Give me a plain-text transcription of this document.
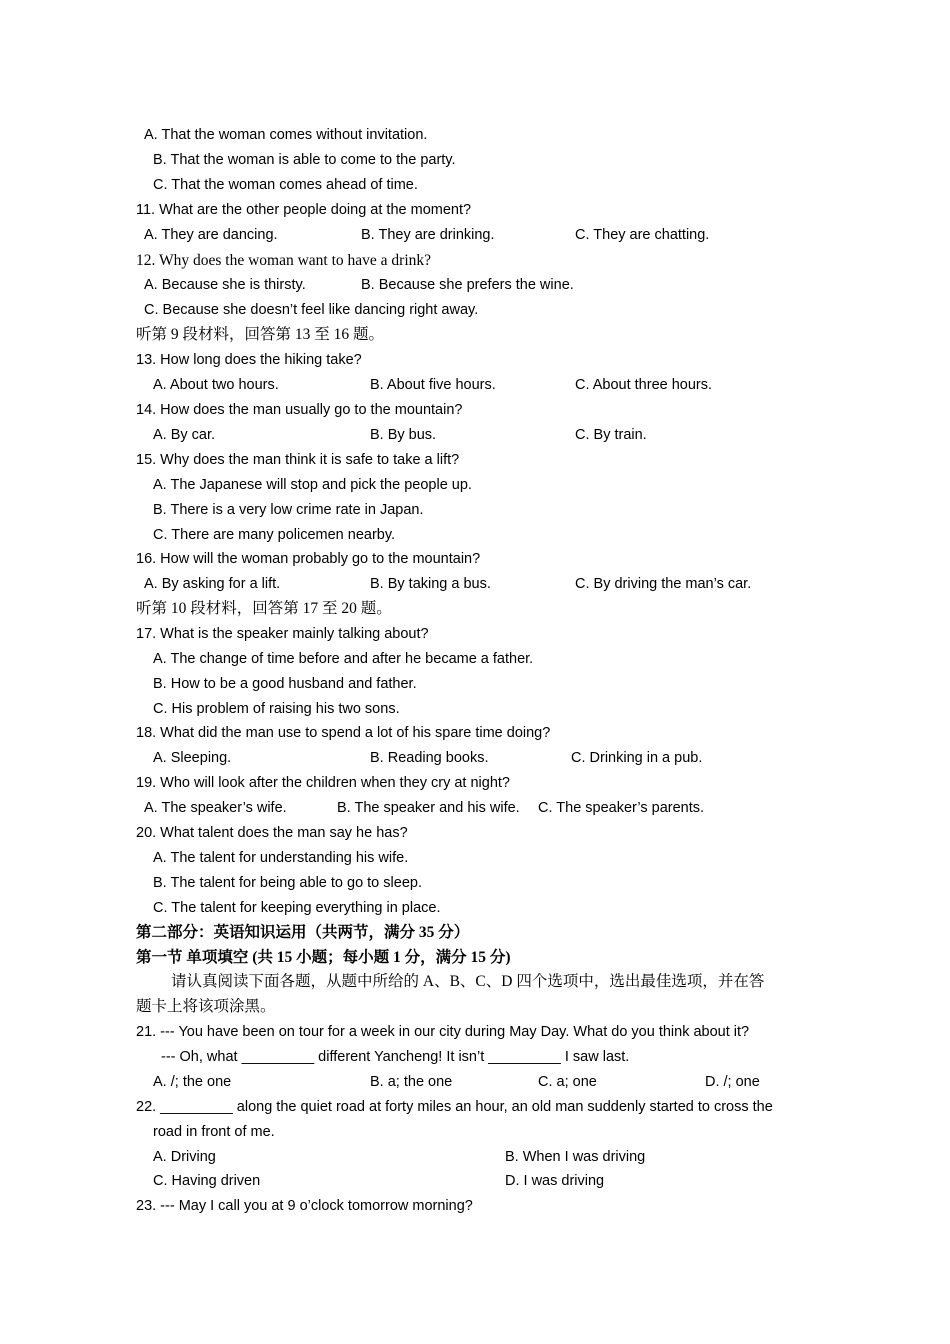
A. That the woman comes without invitation.
B. That the woman is able to come to the party.
C. That the woman comes ahead of time.
11. What are the other people doing at the moment?
A. They are dancing.	B. They are drinking.	C. They are chatting.
12. Why does the woman want to have a drink?
A. Because she is thirsty.	B. Because she prefers the wine.
C. Because she doesn’t feel like dancing right away.
听第 9 段材料，回答第 13 至 16 题。
13. How long does the hiking take?
A. About two hours.	B. About five hours.	C. About three hours.
14. How does the man usually go to the mountain?
A. By car.	B. By bus.	C. By train.
15. Why does the man think it is safe to take a lift?
A. The Japanese will stop and pick the people up.
B. There is a very low crime rate in Japan.
C. There are many policemen nearby.
16. How will the woman probably go to the mountain?
A. By asking for a lift.	B. By taking a bus.	C. By driving the man’s car.
听第 10 段材料，回答第 17 至 20 题。
17. What is the speaker mainly talking about?
A. The change of time before and after he became a father.
B. How to be a good husband and father.
C. His problem of raising his two sons.
18. What did the man use to spend a lot of his spare time doing?
A. Sleeping.	B. Reading books.	C. Drinking in a pub.
19. Who will look after the children when they cry at night?
A. The speaker’s wife.	B. The speaker and his wife. C. The speaker’s parents.
20. What talent does the man say he has?
A. The talent for understanding his wife.
B. The talent for being able to go to sleep.
C. The talent for keeping everything in place.
第二部分：英语知识运用（共两节，满分 35 分）
第一节 单项填空 (共 15 小题；每小题 1 分，满分 15 分)
请认真阅读下面各题，从题中所给的 A、B、C、D 四个选项中，选出最佳选项，并在答
题卡上将该项涂黑。
21. --- You have been on tour for a week in our city during May Day. What do you think about it?
--- Oh, what _________ different Yancheng! It isn’t _________ I saw last.
A. /; the one	B. a; the one	C. a; one	D. /; one
22. _________ along the quiet road at forty miles an hour, an old man suddenly started to cross the
road in front of me.
A. Driving	B. When I was driving
C. Having driven	D. I was driving
23. --- May I call you at 9 o’clock tomorrow morning?
